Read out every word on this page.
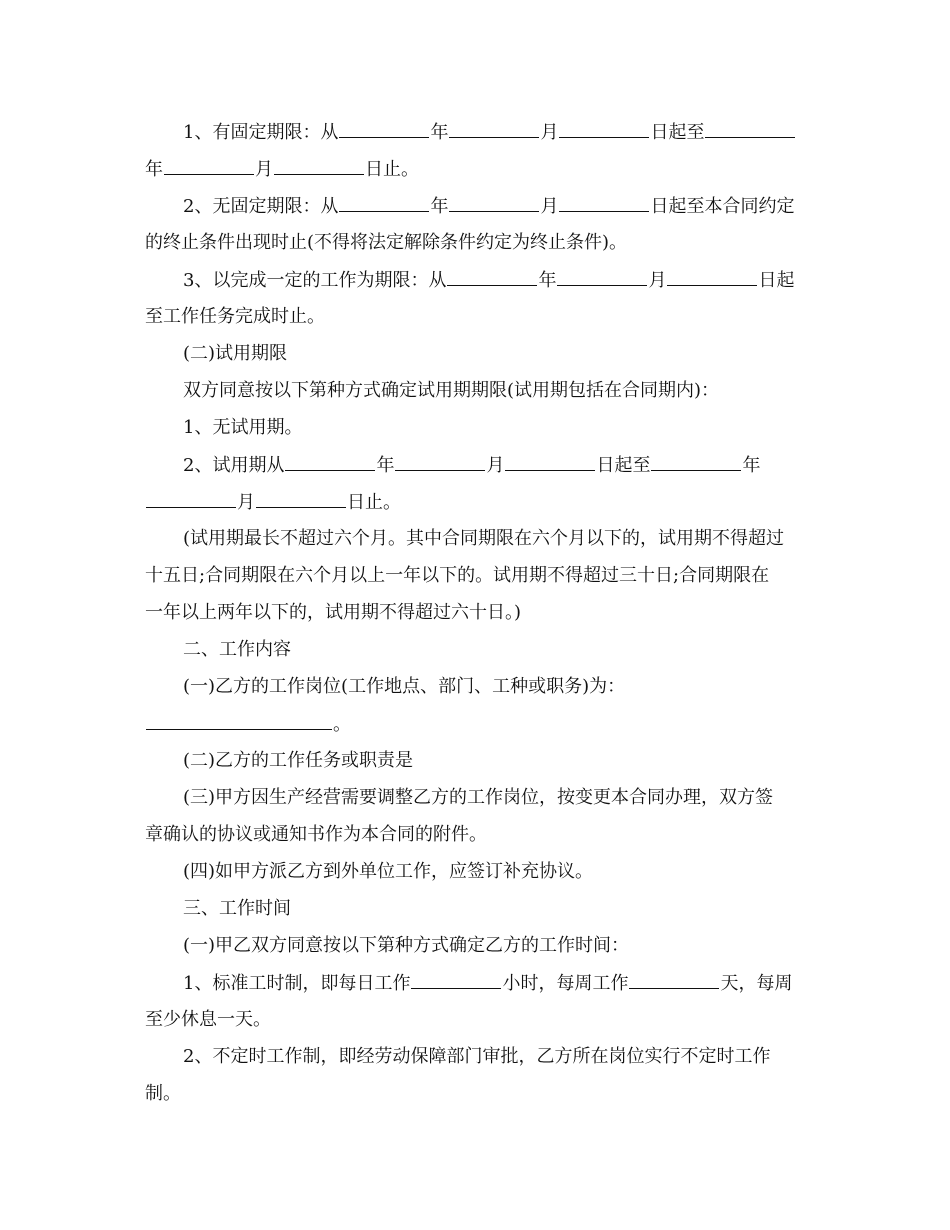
1、有固定期限：从	年	月	日起至
年	月	日止。
2、无固定期限：从	年	月	日起至本合同约定
的终止条件出现时止(不得将法定解除条件约定为终止条件)。
3、以完成一定的工作为期限：从	年	月	日起
至工作任务完成时止。
(二)试用期限
双方同意按以下第种方式确定试用期期限(试用期包括在合同期内)：
1、无试用期。
2、试用期从	年	月	日起至	年
月	日止。
(试用期最长不超过六个月。其中合同期限在六个月以下的，试用期不得超过
十五日;合同期限在六个月以上一年以下的。试用期不得超过三十日;合同期限在
一年以上两年以下的，试用期不得超过六十日。)
二、工作内容
(一)乙方的工作岗位(工作地点、部门、工种或职务)为：
。
(二)乙方的工作任务或职责是
(三)甲方因生产经营需要调整乙方的工作岗位，按变更本合同办理，双方签
章确认的协议或通知书作为本合同的附件。
(四)如甲方派乙方到外单位工作，应签订补充协议。
三、工作时间
(一)甲乙双方同意按以下第种方式确定乙方的工作时间：
1、标准工时制，即每日工作	小时，每周工作	天，每周
至少休息一天。
2、不定时工作制，即经劳动保障部门审批，乙方所在岗位实行不定时工作
制。
